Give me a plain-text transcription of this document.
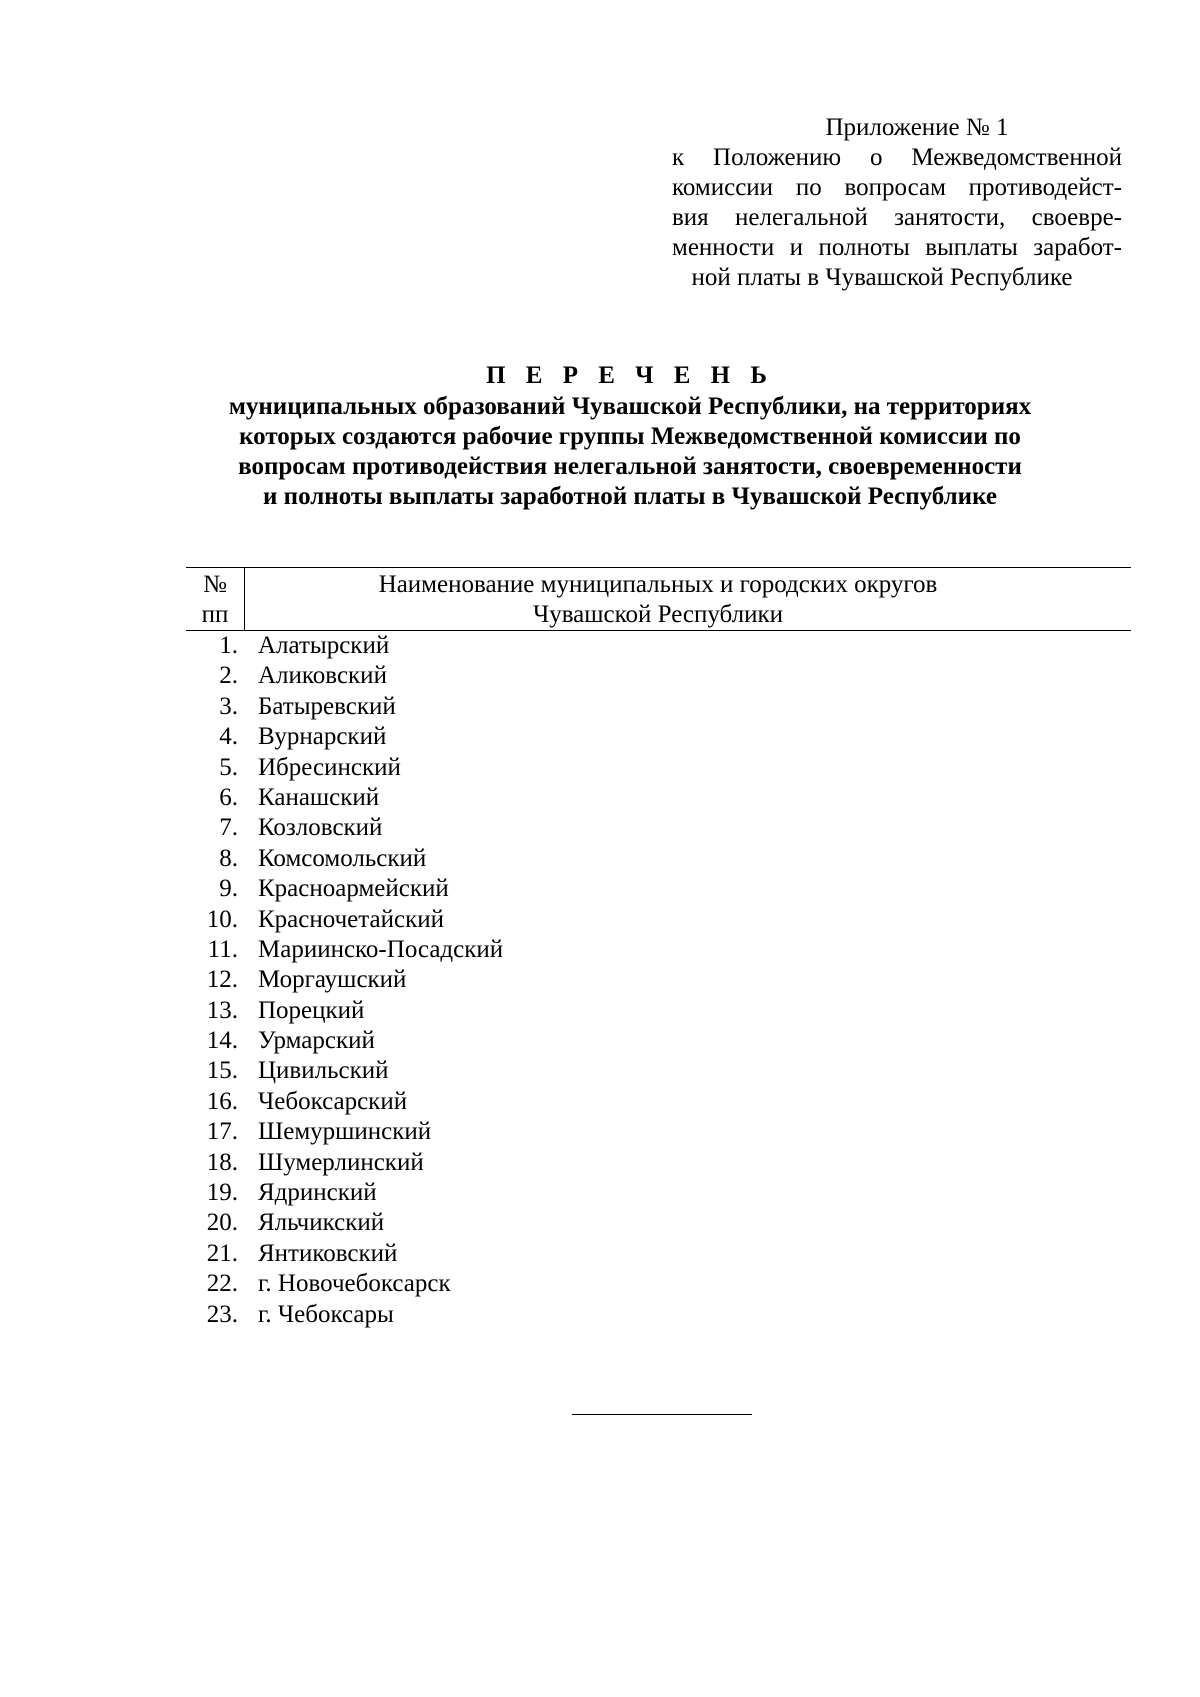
Приложение № 1
к Положению о Межведомственной
комиссии по вопросам противодейст-
вия нелегальной занятости, своевре-
менности и полноты выплаты заработ-
ной платы в Чувашской Республике
П Е Р Е Ч Е Н Ь
муниципальных образований Чувашской Республики, на территориях
которых создаются рабочие группы Межведомственной комиссии по
вопросам противодействия нелегальной занятости, своевременности
и полноты выплаты заработной платы в Чувашской Республике
№
пп
Наименование муниципальных и городских округов
Чувашской Республики
1. Алатырский
2. Аликовский
3. Батыревский
4. Вурнарский
5. Ибресинский
6. Канашский
7. Козловский
8. Комсомольский
9. Красноармейский
10. Красночетайский
11. Мариинско-Посадский
12. Моргаушский
13. Порецкий
14. Урмарский
15. Цивильский
16. Чебоксарский
17. Шемуршинский
18. Шумерлинский
19. Ядринский
20. Яльчикский
21. Янтиковский
22. г. Новочебоксарск
23. г. Чебоксары
